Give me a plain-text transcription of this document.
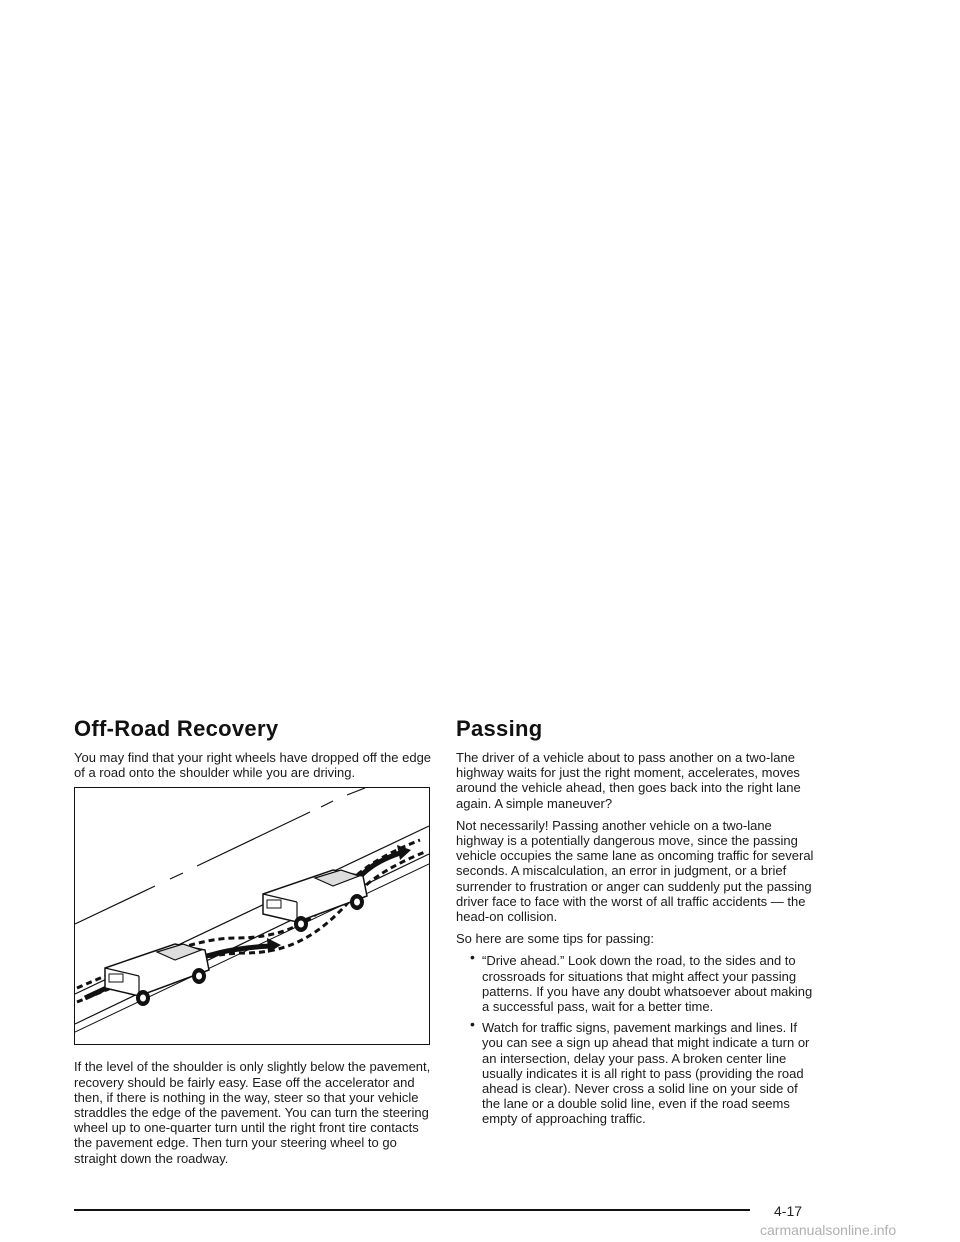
Off-Road Recovery

You may find that your right wheels have dropped off the edge of a road onto the shoulder while you are driving.

If the level of the shoulder is only slightly below the pavement, recovery should be fairly easy. Ease off the accelerator and then, if there is nothing in the way, steer so that your vehicle straddles the edge of the pavement. You can turn the steering wheel up to one-quarter turn until the right front tire contacts the pavement edge. Then turn your steering wheel to go straight down the roadway.

Passing

The driver of a vehicle about to pass another on a two-lane highway waits for just the right moment, accelerates, moves around the vehicle ahead, then goes back into the right lane again. A simple maneuver?

Not necessarily! Passing another vehicle on a two-lane highway is a potentially dangerous move, since the passing vehicle occupies the same lane as oncoming traffic for several seconds. A miscalculation, an error in judgment, or a brief surrender to frustration or anger can suddenly put the passing driver face to face with the worst of all traffic accidents — the head-on collision.

So here are some tips for passing:

• “Drive ahead.” Look down the road, to the sides and to crossroads for situations that might affect your passing patterns. If you have any doubt whatsoever about making a successful pass, wait for a better time.
• Watch for traffic signs, pavement markings and lines. If you can see a sign up ahead that might indicate a turn or an intersection, delay your pass. A broken center line usually indicates it is all right to pass (providing the road ahead is clear). Never cross a solid line on your side of the lane or a double solid line, even if the road seems empty of approaching traffic.
4-17
carmanualsonline.info
